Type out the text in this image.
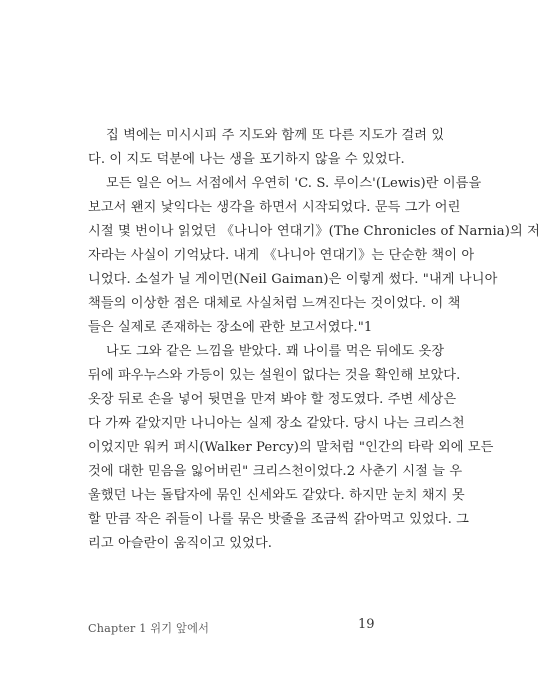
집 벽에는 미시시피 주 지도와 함께 또 다른 지도가 걸려 있
다. 이 지도 덕분에 나는 생을 포기하지 않을 수 있었다.
모든 일은 어느 서점에서 우연히 'C. S. 루이스'(Lewis)란 이름을
보고서 왠지 낯익다는 생각을 하면서 시작되었다. 문득 그가 어린
시절 몇 번이나 읽었던 《나니아 연대기》(The Chronicles of Narnia)의 저
자라는 사실이 기억났다. 내게 《나니아 연대기》는 단순한 책이 아
니었다. 소설가 닐 게이먼(Neil Gaiman)은 이렇게 썼다. "내게 나니아
책들의 이상한 점은 대체로 사실처럼 느껴진다는 것이었다. 이 책
들은 실제로 존재하는 장소에 관한 보고서였다."1
나도 그와 같은 느낌을 받았다. 꽤 나이를 먹은 뒤에도 옷장
뒤에 파우누스와 가등이 있는 설원이 없다는 것을 확인해 보았다.
옷장 뒤로 손을 넣어 뒷면을 만져 봐야 할 정도였다. 주변 세상은
다 가짜 같았지만 나니아는 실제 장소 같았다. 당시 나는 크리스천
이었지만 워커 퍼시(Walker Percy)의 말처럼 "인간의 타락 외에 모든
것에 대한 믿음을 잃어버린" 크리스천이었다.2 사춘기 시절 늘 우
울했던 나는 돌탑자에 묶인 신세와도 같았다. 하지만 눈치 채지 못
할 만큼 작은 쥐들이 나를 묶은 밧줄을 조금씩 갉아먹고 있었다. 그
리고 아슬란이 움직이고 있었다.
Chapter 1 위기 앞에서	19
